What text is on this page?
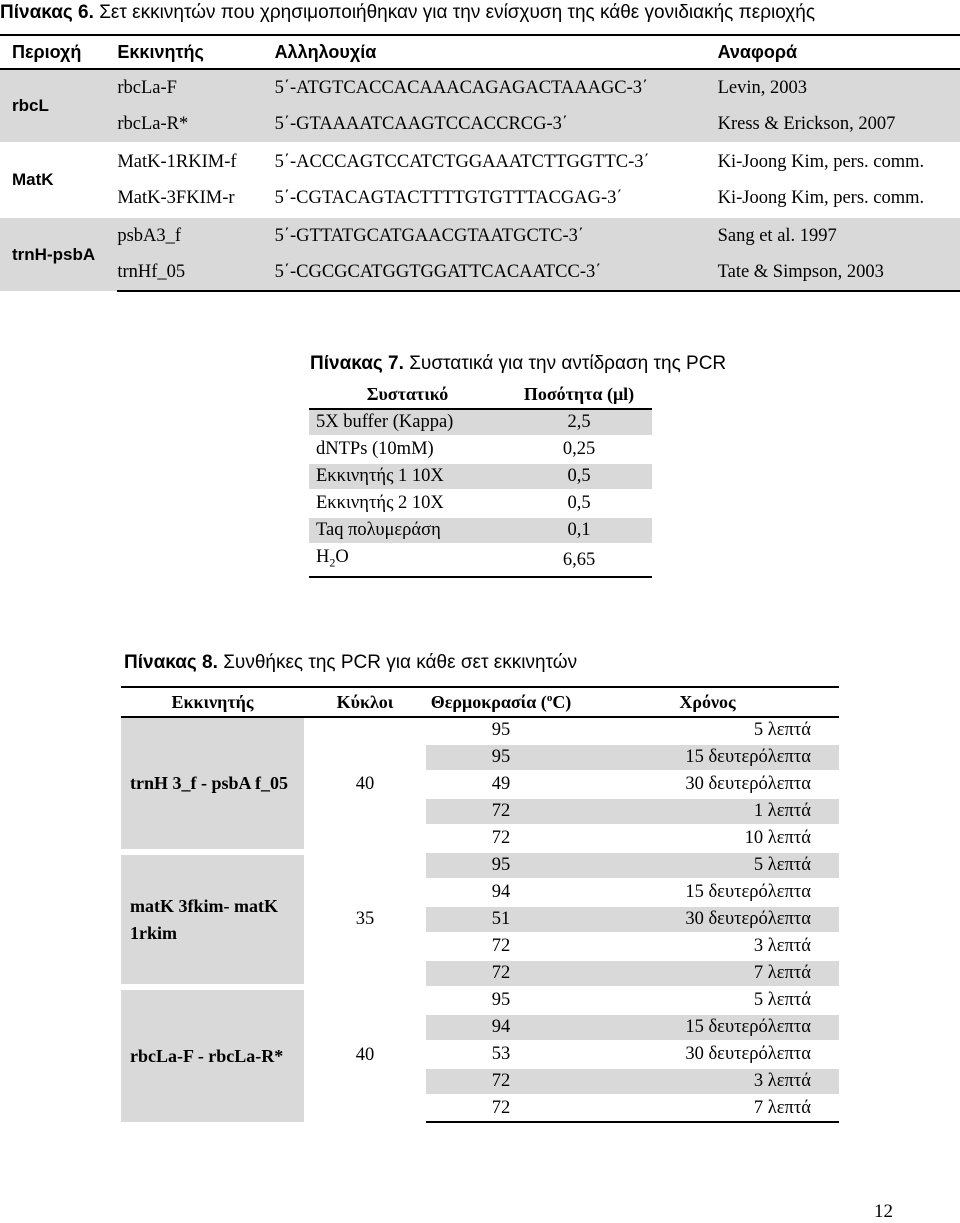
Πίνακας 6. Σετ εκκινητών που χρησιμοποιήθηκαν για την ενίσχυση της κάθε γονιδιακής περιοχής
Περιοχή	Εκκινητής	Αλληλουχία	Αναφορά
rbcL	rbcLa-F	5΄-ATGTCACCACAAACAGAGACTAAAGC-3΄	Levin, 2003
	rbcLa-R*	5΄-GTAAAATCAAGTCCACCRCG-3΄	Kress & Erickson, 2007
MatK	MatK-1RKIM-f	5΄-ACCCAGTCCATCTGGAAATCTTGGTTC-3΄	Ki-Joong Kim, pers. comm.
	MatK-3FKIM-r	5΄-CGTACAGTACTTTTGTGTTTACGAG-3΄	Ki-Joong Kim, pers. comm.
trnH-psbA	psbA3_f	5΄-GTTATGCATGAACGTAATGCTC-3΄	Sang et al. 1997
	trnHf_05	5΄-CGCGCATGGTGGATTCACAATCC-3΄	Tate & Simpson, 2003
Πίνακας 7. Συστατικά για την αντίδραση της PCR
Συστατικό	Ποσότητα (μl)
5X buffer (Kappa)	2,5
dNTPs (10mM)	0,25
Εκκινητής 1 10Χ	0,5
Εκκινητής 2 10Χ	0,5
Taq πολυμεράση	0,1
$H_2O$	6,65
Πίνακας 8. Συνθήκες της PCR για κάθε σετ εκκινητών
Εκκινητής	Κύκλοι	Θερμοκρασία ($^o$C)	Χρόνος
trnH 3_f - psbA f_05	40	95	5 λεπτά
		95	15 δευτερόλεπτα
		49	30 δευτερόλεπτα
		72	1 λεπτά
		72	10 λεπτά
matK 3fkim- matK 1rkim	35	95	5 λεπτά
		94	15 δευτερόλεπτα
		51	30 δευτερόλεπτα
		72	3 λεπτά
		72	7 λεπτά
rbcLa-F - rbcLa-R*	40	95	5 λεπτά
		94	15 δευτερόλεπτα
		53	30 δευτερόλεπτα
		72	3 λεπτά
		72	7 λεπτά
12
